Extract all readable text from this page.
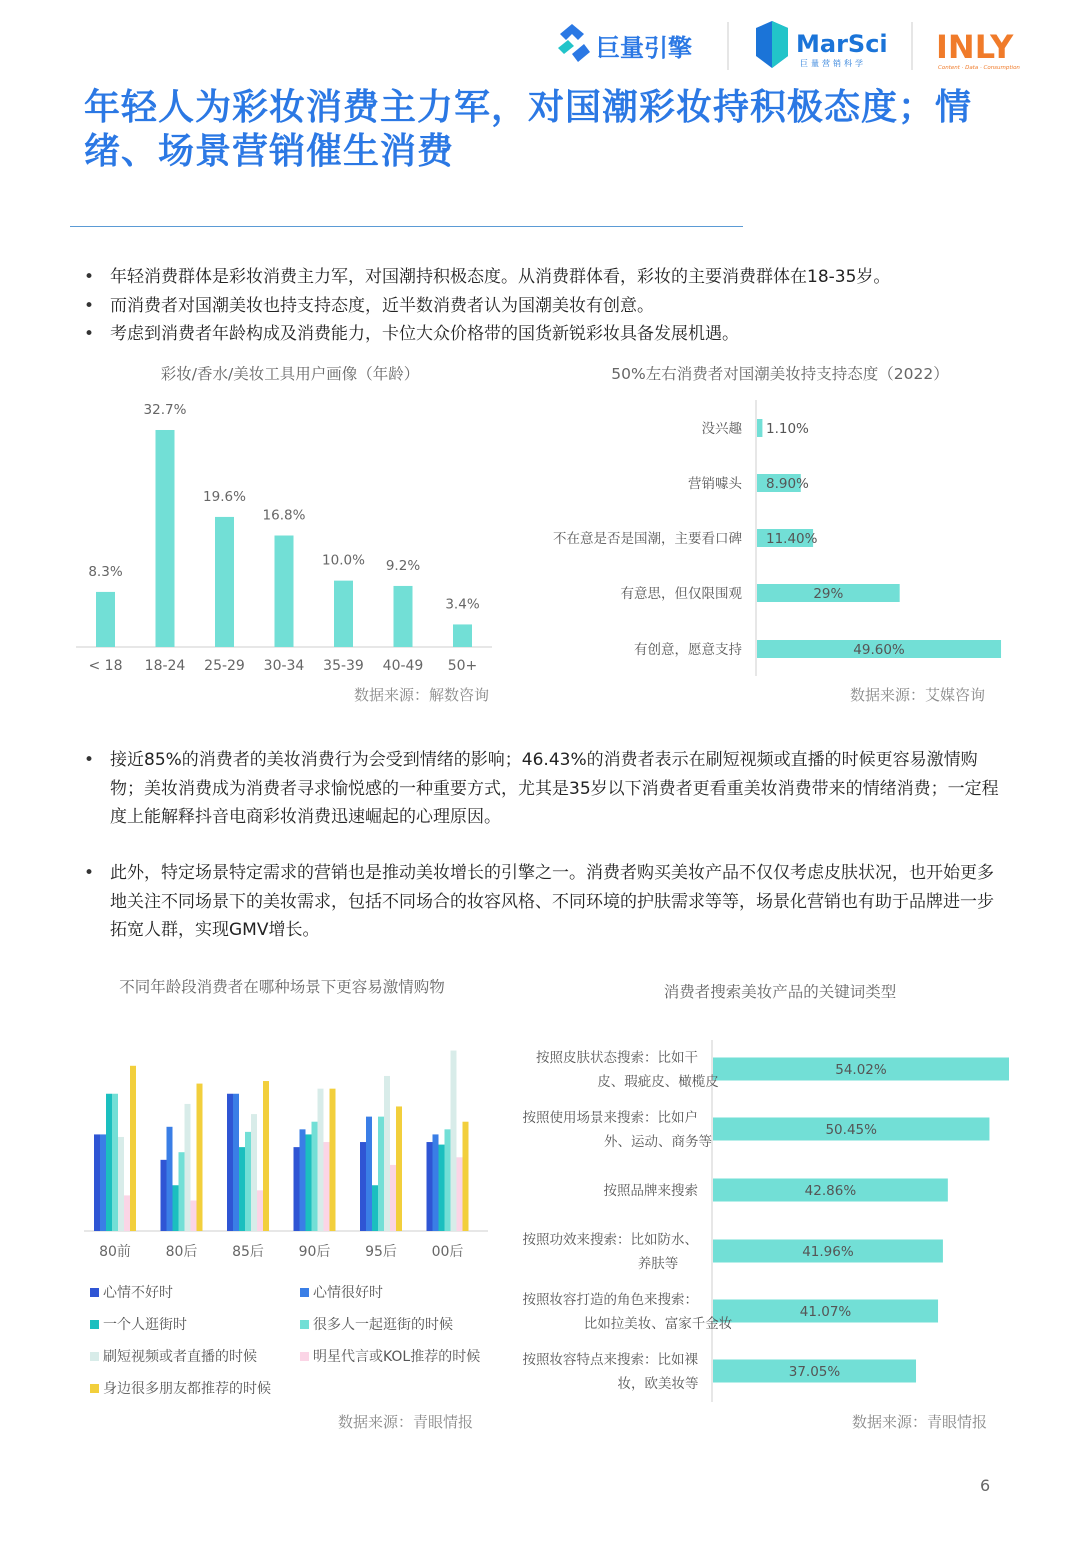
巨量引擎	MarSci
巨量营销科学 INLY
Content · Data · Consumption
年轻人为彩妆消费主力军，对国潮彩妆持积极态度；情绪、场景营销催生消费
• 年轻消费群体是彩妆消费主力军，对国潮持积极态度。从消费群体看，彩妆的主要消费群体在18-35岁。
• 而消费者对国潮美妆也持支持态度，近半数消费者认为国潮美妆有创意。
• 考虑到消费者年龄构成及消费能力，卡位大众价格带的国货新锐彩妆具备发展机遇。
彩妆/香水/美妆工具用户画像（年龄）
8.3%
< 18
32.7%
18-24
19.6%
25-29
16.8%
30-34
10.0%
35-39
9.2%
40-49
3.4%
50+
数据来源：解数咨询
50%左右消费者对国潮美妆持支持态度（2022）
没兴趣 1.10%
营销噱头 8.90%
不在意是否是国潮，主要看口碑 11.40%
有意思，但仅限围观	29%
有创意，愿意支持	49.60%
数据来源：艾媒咨询
• 接近85%的消费者的美妆消费行为会受到情绪的影响；46.43%的消费者表示在刷短视频或直播的时候更容易激情购物；美妆消费成为消费者寻求愉悦感的一种重要方式，尤其是35岁以下消费者更看重美妆消费带来的情绪消费；一定程度上能解释抖音电商彩妆消费迅速崛起的心理原因。
• 此外，特定场景特定需求的营销也是推动美妆增长的引擎之一。消费者购买美妆产品不仅仅考虑皮肤状况，也开始更多地关注不同场景下的美妆需求，包括不同场合的妆容风格、不同环境的护肤需求等等，场景化营销也有助于品牌进一步拓宽人群，实现GMV增长。
不同年龄段消费者在哪种场景下更容易激情购物
80前 80后 85后 90后 95后 00后
心情不好时	心情很好时
一个人逛街时	很多人一起逛街的时候
刷短视频或者直播的时候	明星代言或KOL推荐的时候
身边很多朋友都推荐的时候
数据来源：青眼情报
消费者搜索美妆产品的关键词类型
54.02%
按照皮肤状态搜索：比如干
皮、瑕疵皮、橄榄皮
50.45%
按照使用场景来搜索：比如户
外、运动、商务等
42.86%
按照品牌来搜索
41.96%
按照功效来搜索：比如防水、
养肤等
41.07%
按照妆容打造的角色来搜索：
比如拉美妆、富家千金妆
37.05%
按照妆容特点来搜索：比如裸
妆，欧美妆等
数据来源：青眼情报
6
